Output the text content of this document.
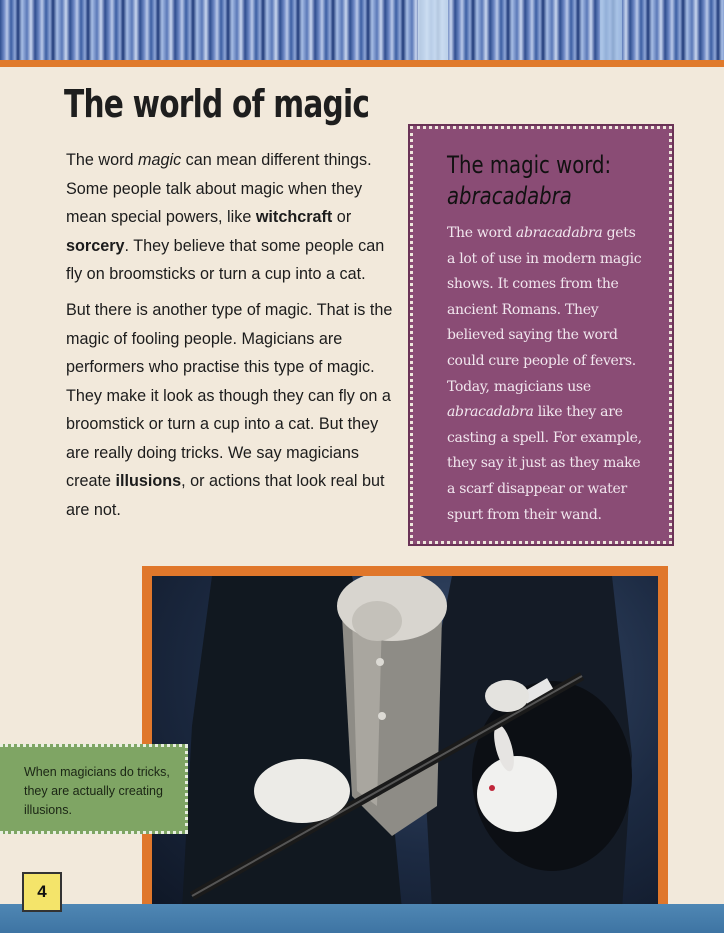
The world of magic

The word magic can mean different things. Some people talk about magic when they mean special powers, like witchcraft or sorcery. They believe that some people can fly on broomsticks or turn a cup into a cat.

But there is another type of magic. That is the magic of fooling people. Magicians are performers who practise this type of magic. They make it look as though they can fly on a broomstick or turn a cup into a cat. But they are really doing tricks. We say magicians create illusions, or actions that look real but are not.

The magic word:
abracadabra
The word abracadabra gets a lot of use in modern magic shows. It comes from the ancient Romans. They believed saying the word could cure people of fevers. Today, magicians use abracadabra like they are casting a spell. For example, they say it just as they make a scarf disappear or water spurt from their wand.
When magicians do tricks, they are actually creating illusions.
4
